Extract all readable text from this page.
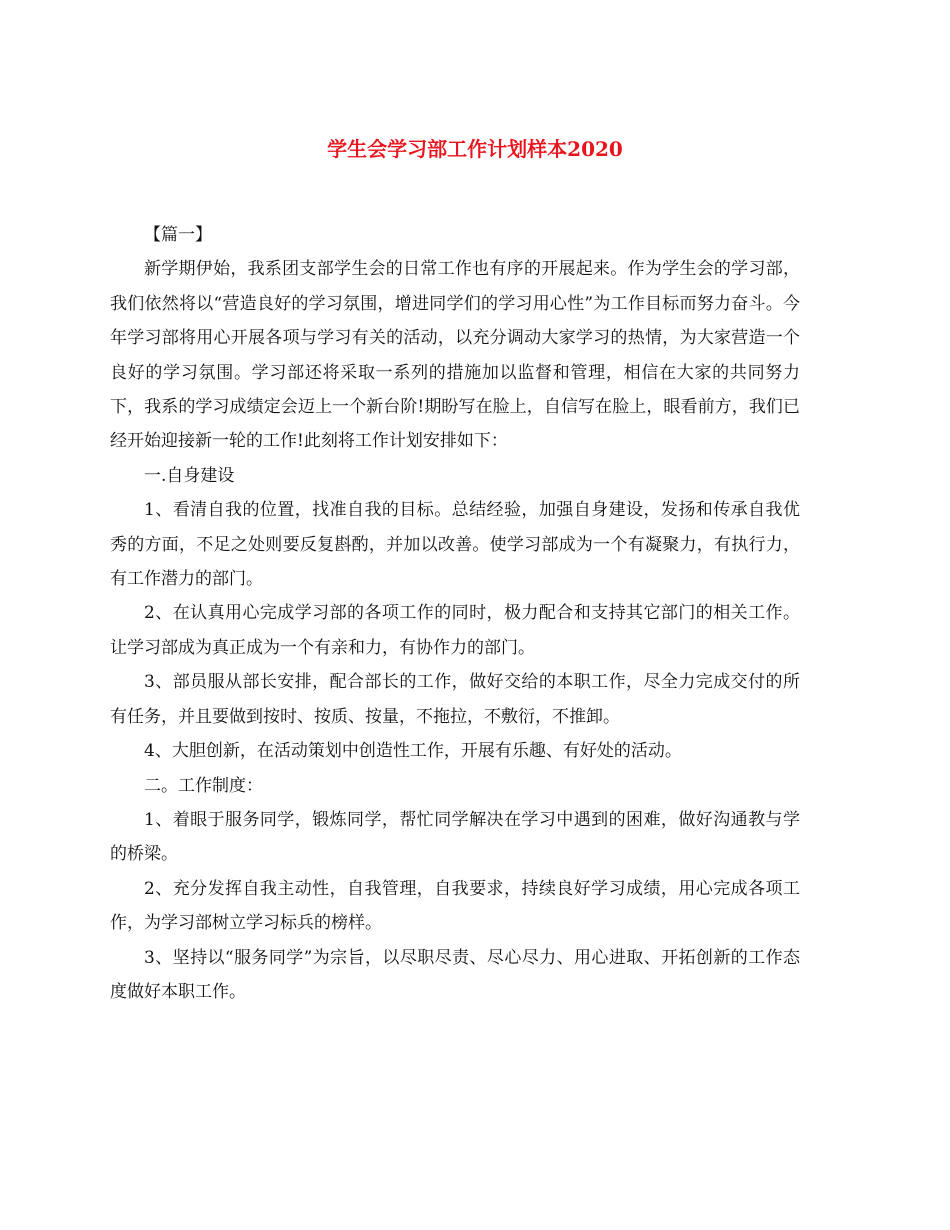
学生会学习部工作计划样本2020

【篇一】

新学期伊始，我系团支部学生会的日常工作也有序的开展起来。作为学生会的学习部，我们依然将以“营造良好的学习氛围，增进同学们的学习用心性”为工作目标而努力奋斗。今年学习部将用心开展各项与学习有关的活动，以充分调动大家学习的热情，为大家营造一个良好的学习氛围。学习部还将采取一系列的措施加以监督和管理，相信在大家的共同努力下，我系的学习成绩定会迈上一个新台阶!期盼写在脸上，自信写在脸上，眼看前方，我们已经开始迎接新一轮的工作!此刻将工作计划安排如下：

一.自身建设

1、看清自我的位置，找准自我的目标。总结经验，加强自身建设，发扬和传承自我优秀的方面，不足之处则要反复斟酌，并加以改善。使学习部成为一个有凝聚力，有执行力，有工作潜力的部门。

2、在认真用心完成学习部的各项工作的同时，极力配合和支持其它部门的相关工作。让学习部成为真正成为一个有亲和力，有协作力的部门。

3、部员服从部长安排，配合部长的工作，做好交给的本职工作，尽全力完成交付的所有任务，并且要做到按时、按质、按量，不拖拉，不敷衍，不推卸。

4、大胆创新，在活动策划中创造性工作，开展有乐趣、有好处的活动。

二。工作制度：

1、着眼于服务同学，锻炼同学，帮忙同学解决在学习中遇到的困难，做好沟通教与学的桥梁。

2、充分发挥自我主动性，自我管理，自我要求，持续良好学习成绩，用心完成各项工作，为学习部树立学习标兵的榜样。

3、坚持以“服务同学”为宗旨，以尽职尽责、尽心尽力、用心进取、开拓创新的工作态度做好本职工作。
